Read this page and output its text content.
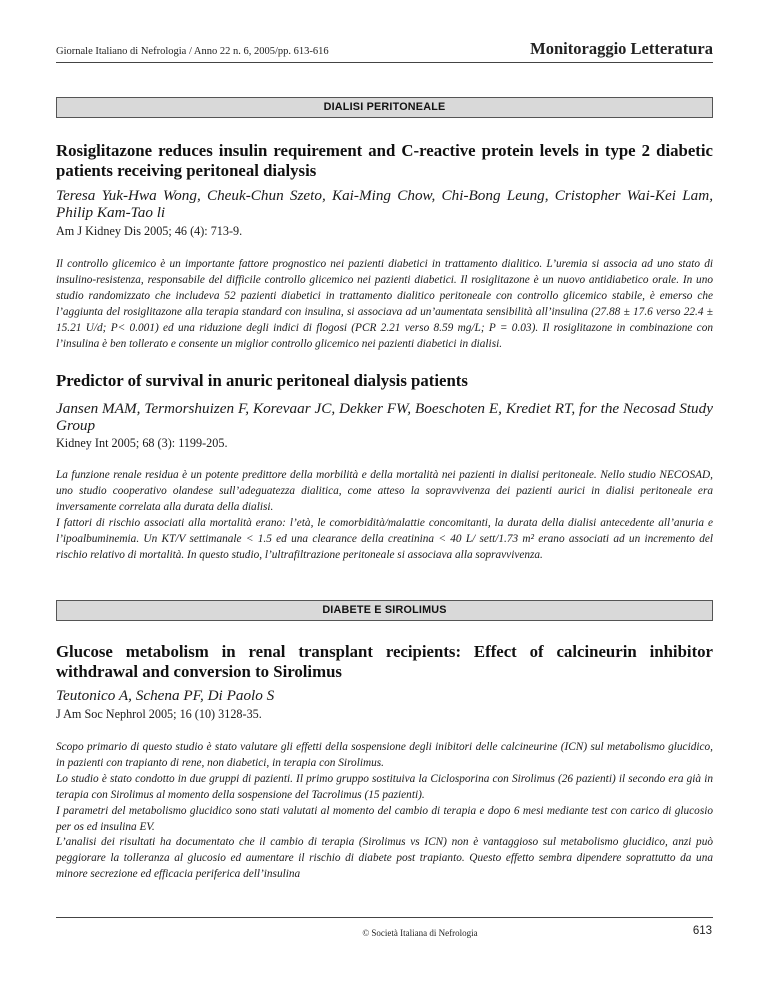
Giornale Italiano di Nefrologia / Anno 22 n. 6, 2005/pp. 613-616	Monitoraggio Letteratura
DIALISI PERITONEALE
Rosiglitazone reduces insulin requirement and C-reactive protein levels in type 2 diabetic patients receiving peritoneal dialysis
Teresa Yuk-Hwa Wong, Cheuk-Chun Szeto, Kai-Ming Chow, Chi-Bong Leung, Cristopher Wai-Kei Lam, Philip Kam-Tao li
Am J Kidney Dis 2005; 46 (4): 713-9.

Il controllo glicemico è un importante fattore prognostico nei pazienti diabetici in trattamento dialitico. L’uremia si associa ad uno stato di insulino-resistenza, responsabile del difficile controllo glicemico nei pazienti diabetici. Il rosiglitazone è un nuovo antidiabetico orale. In uno studio randomizzato che includeva 52 pazienti diabetici in trattamento dialitico peritoneale con controllo glicemico stabile, è emerso che l’aggiunta del rosiglitazone alla terapia standard con insulina, si associava ad un’aumentata sensibilità all’insulina (27.88 ± 17.6 verso 22.4 ± 15.21 U/d; P< 0.001) ed una riduzione degli indici di flogosi (PCR 2.21 verso 8.59 mg/L; P = 0.03). Il rosiglitazone in combinazione con l’insulina è ben tollerato e consente un miglior controllo glicemico nei pazienti diabetici in dialisi.

Predictor of survival in anuric peritoneal dialysis patients
Jansen MAM, Termorshuizen F, Korevaar JC, Dekker FW, Boeschoten E, Krediet RT, for the Necosad Study Group
Kidney Int 2005; 68 (3): 1199-205.

La funzione renale residua è un potente predittore della morbilità e della mortalità nei pazienti in dialisi peritoneale. Nello studio NECOSAD, uno studio cooperativo olandese sull’adeguatezza dialitica, come atteso la sopravvivenza dei pazienti aurici in dialisi peritoneale era inversamente correlata alla durata della dialisi.

I fattori di rischio associati alla mortalità erano: l’età, le comorbidità/malattie concomitanti, la durata della dialisi antecedente all’anuria e l’ipoalbuminemia. Un KT/V settimanale < 1.5 ed una clearance della creatinina < 40 L/ sett/1.73 m² erano associati ad un incremento del rischio relativo di mortalità. In questo studio, l’ultrafiltrazione peritoneale si associava alla sopravvivenza.

DIABETE E SIROLIMUS
Glucose metabolism in renal transplant recipients: Effect of calcineurin inhibitor withdrawal and conversion to Sirolimus
Teutonico A, Schena PF, Di Paolo S
J Am Soc Nephrol 2005; 16 (10) 3128-35.

Scopo primario di questo studio è stato valutare gli effetti della sospensione degli inibitori delle calcineurine (ICN) sul metabolismo glucidico, in pazienti con trapianto di rene, non diabetici, in terapia con Sirolimus.

Lo studio è stato condotto in due gruppi di pazienti. Il primo gruppo sostituiva la Ciclosporina con Sirolimus (26 pazienti) il secondo era già in terapia con Sirolimus al momento della sospensione del Tacrolimus (15 pazienti).

I parametri del metabolismo glucidico sono stati valutati al momento del cambio di terapia e dopo 6 mesi mediante test con carico di glucosio per os ed insulina EV.

L’analisi dei risultati ha documentato che il cambio di terapia (Sirolimus vs ICN) non è vantaggioso sul metabolismo glucidico, anzi può peggiorare la tolleranza al glucosio ed aumentare il rischio di diabete post trapianto. Questo effetto sembra dipendere soprattutto da una minore secrezione ed efficacia periferica dell’insulina

© Società Italiana di Nefrologia	613
